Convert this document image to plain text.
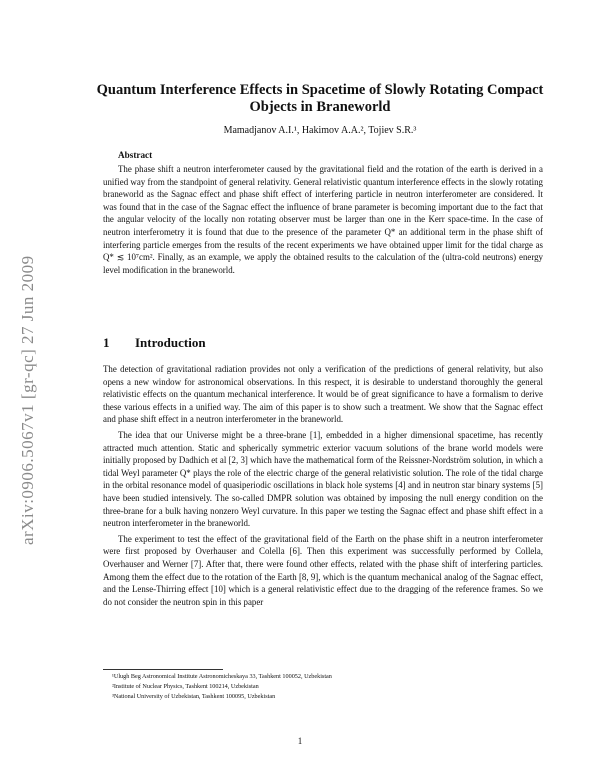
arXiv:0906.5067v1 [gr-qc] 27 Jun 2009
Quantum Interference Effects in Spacetime of Slowly Rotating Compact Objects in Braneworld
Mamadjanov A.I.¹, Hakimov A.A.², Tojiev S.R.³
Abstract
The phase shift a neutron interferometer caused by the gravitational field and the rotation of the earth is derived in a unified way from the standpoint of general relativity. General relativistic quantum interference effects in the slowly rotating braneworld as the Sagnac effect and phase shift effect of interfering particle in neutron interferometer are considered. It was found that in the case of the Sagnac effect the influence of brane parameter is becoming important due to the fact that the angular velocity of the locally non rotating observer must be larger than one in the Kerr space-time. In the case of neutron interferometry it is found that due to the presence of the parameter Q* an additional term in the phase shift of interfering particle emerges from the results of the recent experiments we have obtained upper limit for the tidal charge as Q* ≲ 10⁷cm². Finally, as an example, we apply the obtained results to the calculation of the (ultra-cold neutrons) energy level modification in the braneworld.
1 Introduction

The detection of gravitational radiation provides not only a verification of the predictions of general relativity, but also opens a new window for astronomical observations. In this respect, it is desirable to understand thoroughly the general relativistic effects on the quantum mechanical interference. It would be of great significance to have a formalism to derive these various effects in a unified way. The aim of this paper is to show such a treatment. We show that the Sagnac effect and phase shift effect in a neutron interferometer in the braneworld.

The idea that our Universe might be a three-brane [1], embedded in a higher dimensional spacetime, has recently attracted much attention. Static and spherically symmetric exterior vacuum solutions of the brane world models were initially proposed by Dadhich et al [2, 3] which have the mathematical form of the Reissner-Nordström solution, in which a tidal Weyl parameter Q* plays the role of the electric charge of the general relativistic solution. The role of the tidal charge in the orbital resonance model of quasiperiodic oscillations in black hole systems [4] and in neutron star binary systems [5] have been studied intensively. The so-called DMPR solution was obtained by imposing the null energy condition on the three-brane for a bulk having nonzero Weyl curvature. In this paper we testing the Sagnac effect and phase shift effect in a neutron interferometer in the braneworld.

The experiment to test the effect of the gravitational field of the Earth on the phase shift in a neutron interferometer were first proposed by Overhauser and Colella [6]. Then this experiment was successfully performed by Collela, Overhauser and Werner [7]. After that, there were found other effects, related with the phase shift of interfering particles. Among them the effect due to the rotation of the Earth [8, 9], which is the quantum mechanical analog of the Sagnac effect, and the Lense-Thirring effect [10] which is a general relativistic effect due to the dragging of the reference frames. So we do not consider the neutron spin in this paper

¹Ulugh Beg Astronomical Institute Astronomicheskaya 33, Tashkent 100052, Uzbekistan
²Institute of Nuclear Physics, Tashkent 100214, Uzbekistan
³National University of Uzbekistan, Tashkent 100095, Uzbekistan
1
